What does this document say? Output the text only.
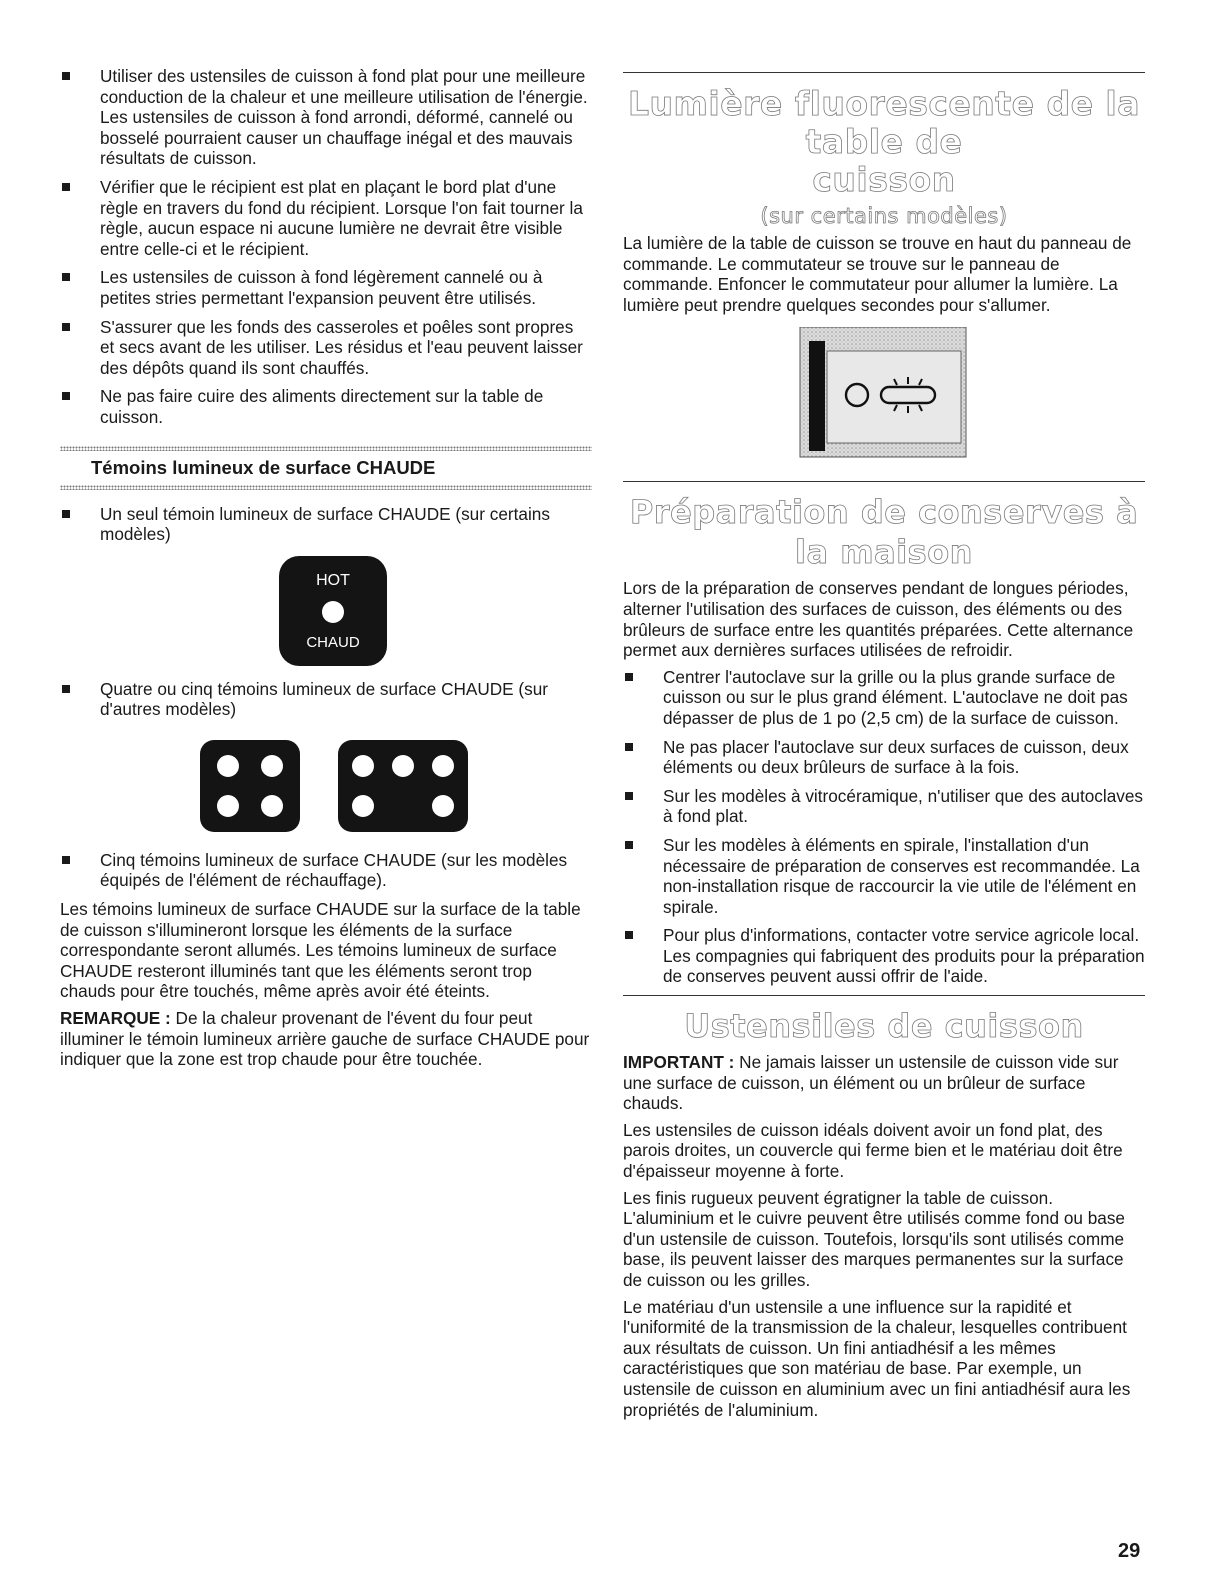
Utiliser des ustensiles de cuisson à fond plat pour une meilleure conduction de la chaleur et une meilleure utilisation de l'énergie. Les ustensiles de cuisson à fond arrondi, déformé, cannelé ou bosselé pourraient causer un chauffage inégal et des mauvais résultats de cuisson.
Vérifier que le récipient est plat en plaçant le bord plat d'une règle en travers du fond du récipient. Lorsque l'on fait tourner la règle, aucun espace ni aucune lumière ne devrait être visible entre celle-ci et le récipient.
Les ustensiles de cuisson à fond légèrement cannelé ou à petites stries permettant l'expansion peuvent être utilisés.
S'assurer que les fonds des casseroles et poêles sont propres et secs avant de les utiliser. Les résidus et l'eau peuvent laisser des dépôts quand ils sont chauffés.
Ne pas faire cuire des aliments directement sur la table de cuisson.
Témoins lumineux de surface CHAUDE
Un seul témoin lumineux de surface CHAUDE (sur certains modèles)
HOT
CHAUD
Quatre ou cinq témoins lumineux de surface CHAUDE (sur d'autres modèles)
Cinq témoins lumineux de surface CHAUDE (sur les modèles équipés de l'élément de réchauffage).

Les témoins lumineux de surface CHAUDE sur la surface de la table de cuisson s'illumineront lorsque les éléments de la surface correspondante seront allumés. Les témoins lumineux de surface CHAUDE resteront illuminés tant que les éléments seront trop chauds pour être touchés, même après avoir été éteints.

REMARQUE : De la chaleur provenant de l'évent du four peut illuminer le témoin lumineux arrière gauche de surface CHAUDE pour indiquer que la zone est trop chaude pour être touchée.

Lumière fluorescente de la table de
cuisson
(sur certains modèles)

La lumière de la table de cuisson se trouve en haut du panneau de commande. Le commutateur se trouve sur le panneau de commande. Enfoncer le commutateur pour allumer la lumière. La lumière peut prendre quelques secondes pour s'allumer.

Préparation de conserves à la maison

Lors de la préparation de conserves pendant de longues périodes, alterner l'utilisation des surfaces de cuisson, des éléments ou des brûleurs de surface entre les quantités préparées. Cette alternance permet aux dernières surfaces utilisées de refroidir.

Centrer l'autoclave sur la grille ou la plus grande surface de cuisson ou sur le plus grand élément. L'autoclave ne doit pas dépasser de plus de 1 po (2,5 cm) de la surface de cuisson.
Ne pas placer l'autoclave sur deux surfaces de cuisson, deux éléments ou deux brûleurs de surface à la fois.
Sur les modèles à vitrocéramique, n'utiliser que des autoclaves à fond plat.
Sur les modèles à éléments en spirale, l'installation d'un nécessaire de préparation de conserves est recommandée. La non-installation risque de raccourcir la vie utile de l'élément en spirale.
Pour plus d'informations, contacter votre service agricole local. Les compagnies qui fabriquent des produits pour la préparation de conserves peuvent aussi offrir de l'aide.
Ustensiles de cuisson

IMPORTANT : Ne jamais laisser un ustensile de cuisson vide sur une surface de cuisson, un élément ou un brûleur de surface chauds.

Les ustensiles de cuisson idéals doivent avoir un fond plat, des parois droites, un couvercle qui ferme bien et le matériau doit être d'épaisseur moyenne à forte.

Les finis rugueux peuvent égratigner la table de cuisson. L'aluminium et le cuivre peuvent être utilisés comme fond ou base d'un ustensile de cuisson. Toutefois, lorsqu'ils sont utilisés comme base, ils peuvent laisser des marques permanentes sur la surface de cuisson ou les grilles.

Le matériau d'un ustensile a une influence sur la rapidité et l'uniformité de la transmission de la chaleur, lesquelles contribuent aux résultats de cuisson. Un fini antiadhésif a les mêmes caractéristiques que son matériau de base. Par exemple, un ustensile de cuisson en aluminium avec un fini antiadhésif aura les propriétés de l'aluminium.

29
